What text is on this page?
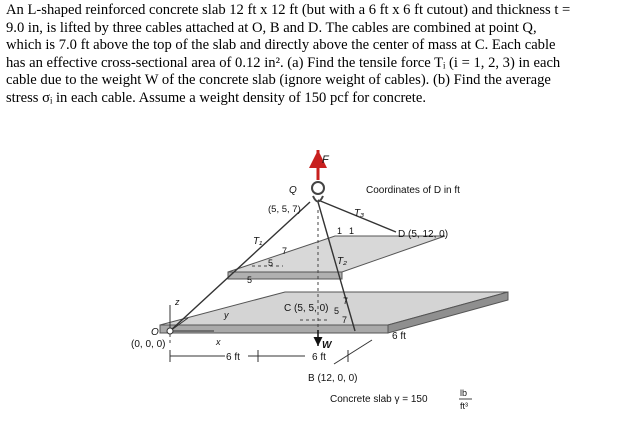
An L-shaped reinforced concrete slab 12 ft x 12 ft (but with a 6 ft x 6 ft cutout) and thickness t =

9.0 in, is lifted by three cables attached at O, B and D. The cables are combined at point Q,

which is 7.0 ft above the top of the slab and directly above the center of mass at C. Each cable

has an effective cross-sectional area of 0.12 in². (a) Find the tensile force Tᵢ (i = 1, 2, 3) in each

cable due to the weight W of the concrete slab (ignore weight of cables). (b) Find the average

stress σᵢ in each cable. Assume a weight density of 150 pcf for concrete.

F
W
Q
(5, 5, 7)
Coordinates of D in ft
T₃
T₁
T₂
D (5, 12, 0)
C (5, 5, 0)
1 1
7
5
5
7
5
7
z
y
x
O
(0, 0, 0)
6 ft	6 ft
6 ft
B (12, 0, 0)
Concrete slab γ = 150
lb
ft³
